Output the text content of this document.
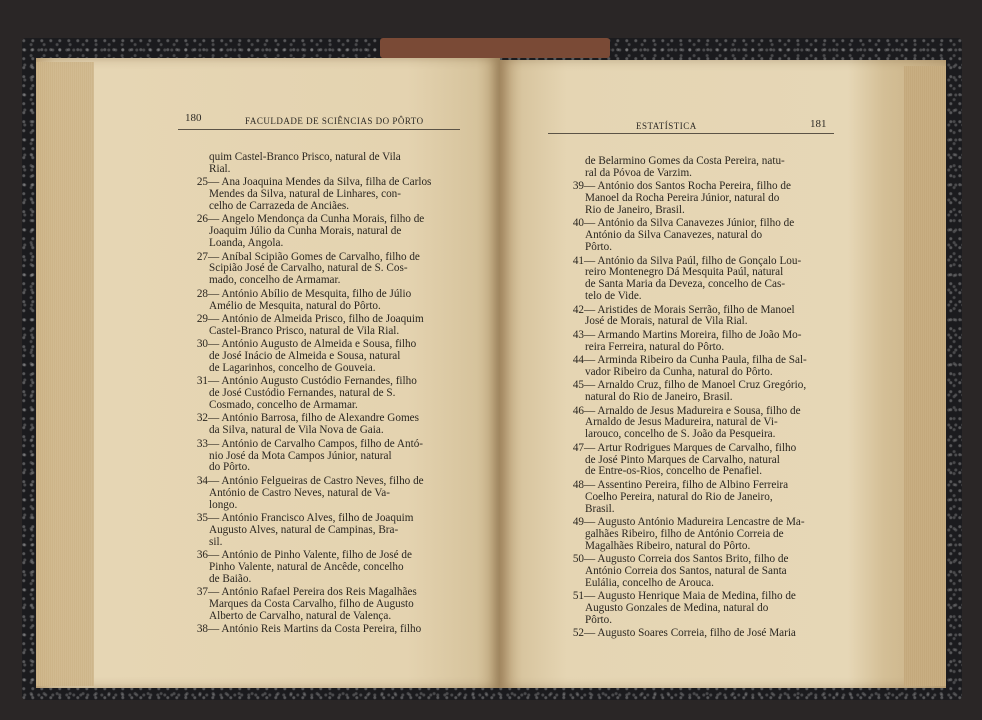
180	FACULDADE DE SCIÊNCIAS DO PÔRTO	ESTATÍSTICA	181
quim Castel-Branco Prisco, natural de Vila
Rial.
25— Ana Joaquina Mendes da Silva, filha de Carlos
Mendes da Silva, natural de Linhares, con-
celho de Carrazeda de Anciães.
26— Angelo Mendonça da Cunha Morais, filho de
Joaquim Júlio da Cunha Morais, natural de
Loanda, Angola.
27— Aníbal Scipião Gomes de Carvalho, filho de
Scipião José de Carvalho, natural de S. Cos-
mado, concelho de Armamar.
28— António Abílio de Mesquita, filho de Júlio
Amélio de Mesquita, natural do Pôrto.
29— António de Almeida Prisco, filho de Joaquim
Castel-Branco Prisco, natural de Vila Rial.
30— António Augusto de Almeida e Sousa, filho
de José Inácio de Almeida e Sousa, natural
de Lagarinhos, concelho de Gouveia.
31— António Augusto Custódio Fernandes, filho
de José Custódio Fernandes, natural de S.
Cosmado, concelho de Armamar.
32— António Barrosa, filho de Alexandre Gomes
da Silva, natural de Vila Nova de Gaia.
33— António de Carvalho Campos, filho de Antó-
nio José da Mota Campos Júnior, natural
do Pôrto.
34— António Felgueiras de Castro Neves, filho de
António de Castro Neves, natural de Va-
longo.
35— António Francisco Alves, filho de Joaquim
Augusto Alves, natural de Campinas, Bra-
sil.
36— António de Pinho Valente, filho de José de
Pinho Valente, natural de Ancêde, concelho
de Baião.
37— António Rafael Pereira dos Reis Magalhães
Marques da Costa Carvalho, filho de Augusto
Alberto de Carvalho, natural de Valença.
38— António Reis Martins da Costa Pereira, filho
de Belarmino Gomes da Costa Pereira, natu-
ral da Póvoa de Varzim.
39— António dos Santos Rocha Pereira, filho de
Manoel da Rocha Pereira Júnior, natural do
Rio de Janeiro, Brasil.
40— António da Silva Canavezes Júnior, filho de
António da Silva Canavezes, natural do
Pôrto.
41— António da Silva Paúl, filho de Gonçalo Lou-
reiro Montenegro Dá Mesquita Paúl, natural
de Santa Maria da Deveza, concelho de Cas-
telo de Vide.
42— Aristides de Morais Serrão, filho de Manoel
José de Morais, natural de Vila Rial.
43— Armando Martins Moreira, filho de João Mo-
reira Ferreira, natural do Pôrto.
44— Arminda Ribeiro da Cunha Paula, filha de Sal-
vador Ribeiro da Cunha, natural do Pôrto.
45— Arnaldo Cruz, filho de Manoel Cruz Gregório,
natural do Rio de Janeiro, Brasil.
46— Arnaldo de Jesus Madureira e Sousa, filho de
Arnaldo de Jesus Madureira, natural de Vi-
larouco, concelho de S. João da Pesqueira.
47— Artur Rodrigues Marques de Carvalho, filho
de José Pinto Marques de Carvalho, natural
de Entre-os-Rios, concelho de Penafiel.
48— Assentino Pereira, filho de Albino Ferreira
Coelho Pereira, natural do Rio de Janeiro,
Brasil.
49— Augusto António Madureira Lencastre de Ma-
galhães Ribeiro, filho de António Correia de
Magalhães Ribeiro, natural do Pôrto.
50— Augusto Correia dos Santos Brito, filho de
António Correia dos Santos, natural de Santa
Eulália, concelho de Arouca.
51— Augusto Henrique Maia de Medina, filho de
Augusto Gonzales de Medina, natural do
Pôrto.
52— Augusto Soares Correia, filho de José Maria
